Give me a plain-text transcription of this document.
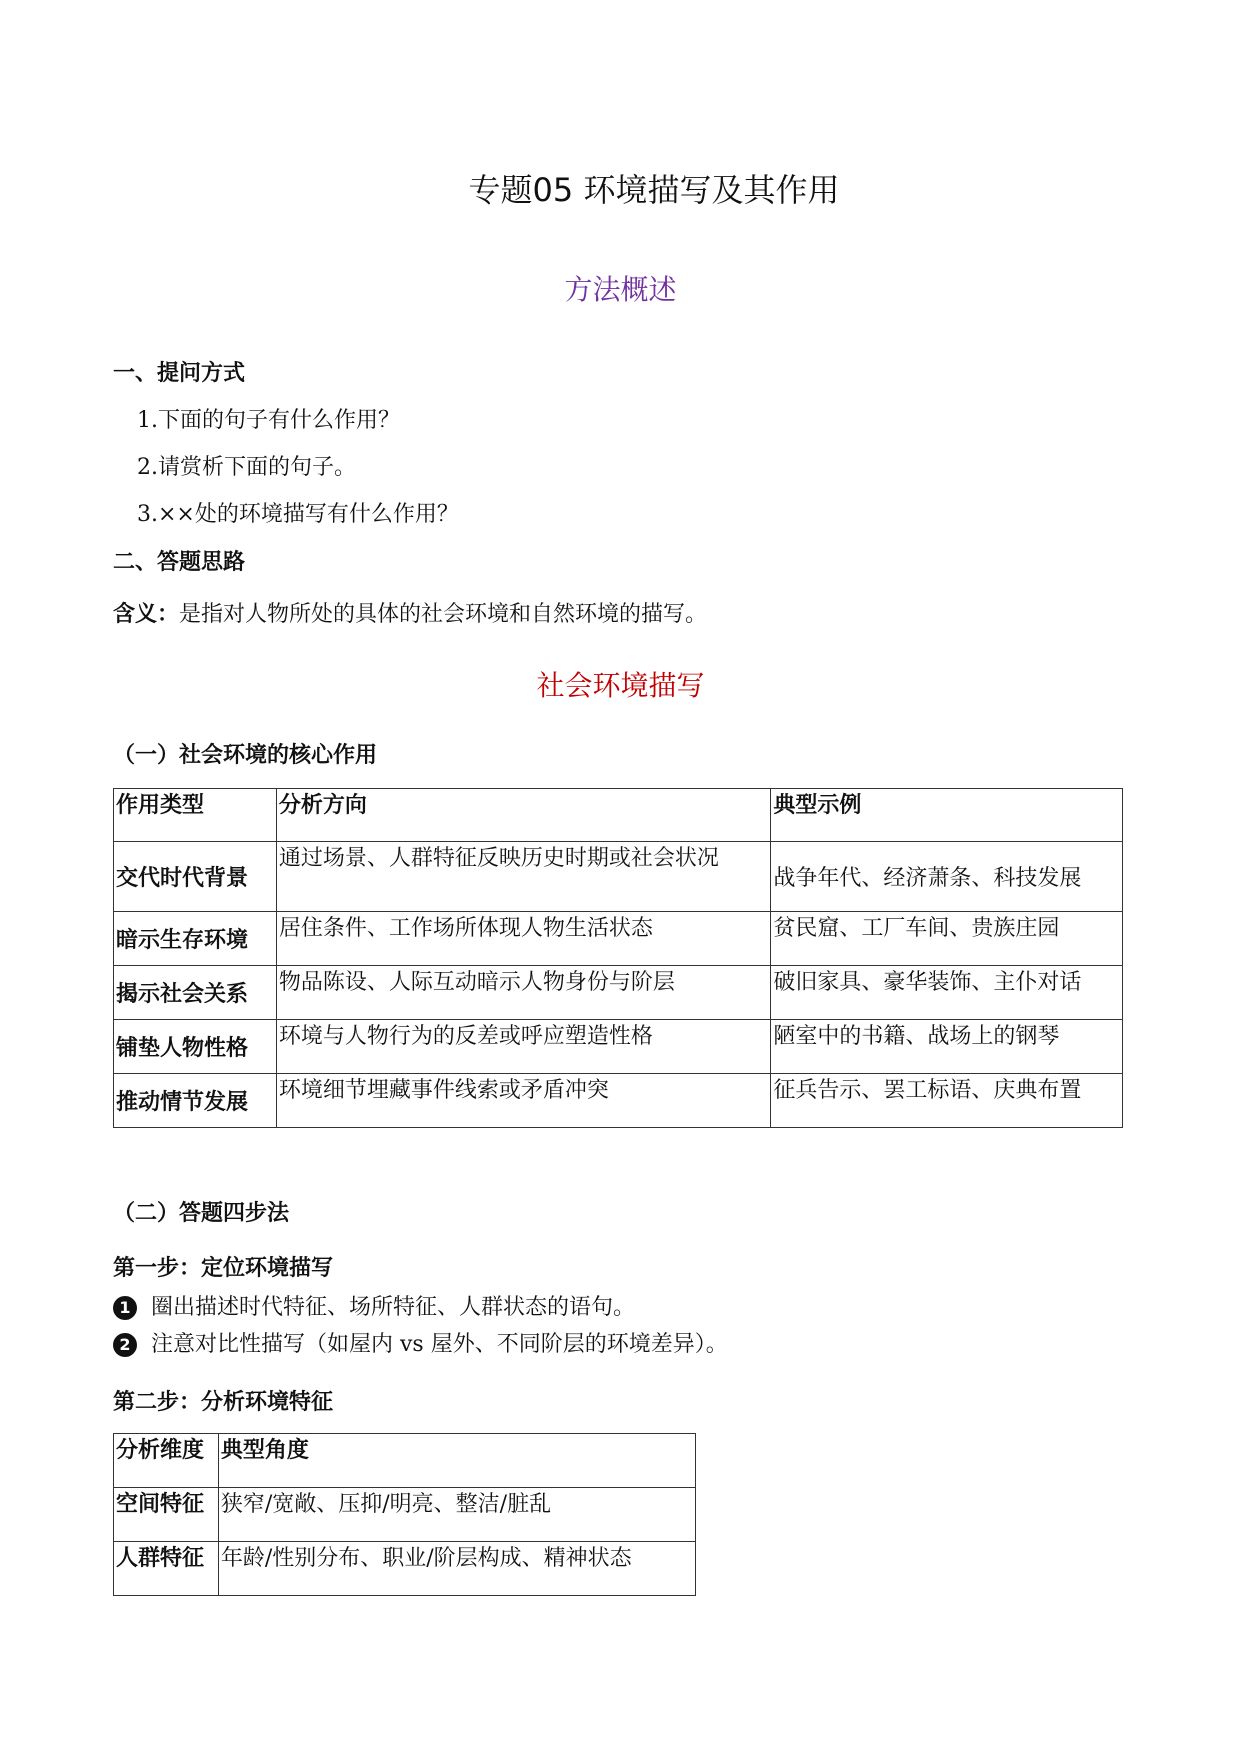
专题05 环境描写及其作用
方法概述
一、提问方式
1.下面的句子有什么作用？
2.请赏析下面的句子。
3.××处的环境描写有什么作用？
二、答题思路
含义：是指对人物所处的具体的社会环境和自然环境的描写。
社会环境描写
（一）社会环境的核心作用
作用类型	分析方向	典型示例
交代时代背景	通过场景、人群特征反映历史时期或社会状况	战争年代、经济萧条、科技发展
暗示生存环境	居住条件、工作场所体现人物生活状态	贫民窟、工厂车间、贵族庄园
揭示社会关系	物品陈设、人际互动暗示人物身份与阶层	破旧家具、豪华装饰、主仆对话
铺垫人物性格	环境与人物行为的反差或呼应塑造性格	陋室中的书籍、战场上的钢琴
推动情节发展	环境细节埋藏事件线索或矛盾冲突	征兵告示、罢工标语、庆典布置
（二）答题四步法
第一步：定位环境描写
1 圈出描述时代特征、场所特征、人群状态的语句。
2 注意对比性描写（如屋内 vs 屋外、不同阶层的环境差异）。
第二步：分析环境特征
分析维度	典型角度
空间特征	狭窄/宽敞、压抑/明亮、整洁/脏乱
人群特征	年龄/性别分布、职业/阶层构成、精神状态
